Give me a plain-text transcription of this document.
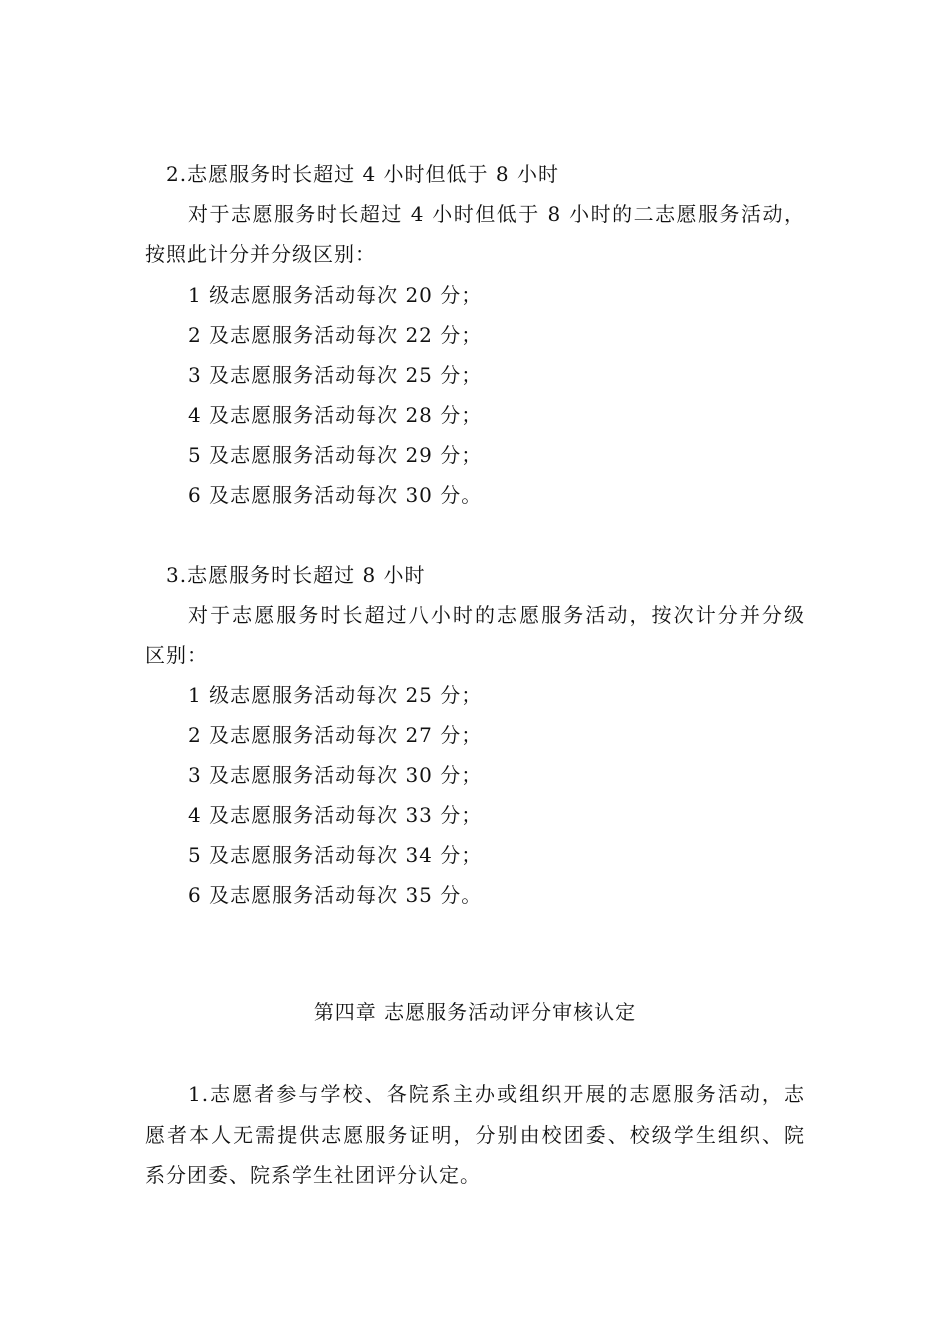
2.志愿服务时长超过 4 小时但低于 8 小时
对于志愿服务时长超过 4 小时但低于 8 小时的二志愿服务活动，
按照此计分并分级区别：
1 级志愿服务活动每次 20 分；
2 及志愿服务活动每次 22 分；
3 及志愿服务活动每次 25 分；
4 及志愿服务活动每次 28 分；
5 及志愿服务活动每次 29 分；
6 及志愿服务活动每次 30 分。
3.志愿服务时长超过 8 小时
对于志愿服务时长超过八小时的志愿服务活动，按次计分并分级
区别：
1 级志愿服务活动每次 25 分；
2 及志愿服务活动每次 27 分；
3 及志愿服务活动每次 30 分；
4 及志愿服务活动每次 33 分；
5 及志愿服务活动每次 34 分；
6 及志愿服务活动每次 35 分。
第四章 志愿服务活动评分审核认定
1.志愿者参与学校、各院系主办或组织开展的志愿服务活动，志
愿者本人无需提供志愿服务证明，分别由校团委、校级学生组织、院
系分团委、院系学生社团评分认定。
